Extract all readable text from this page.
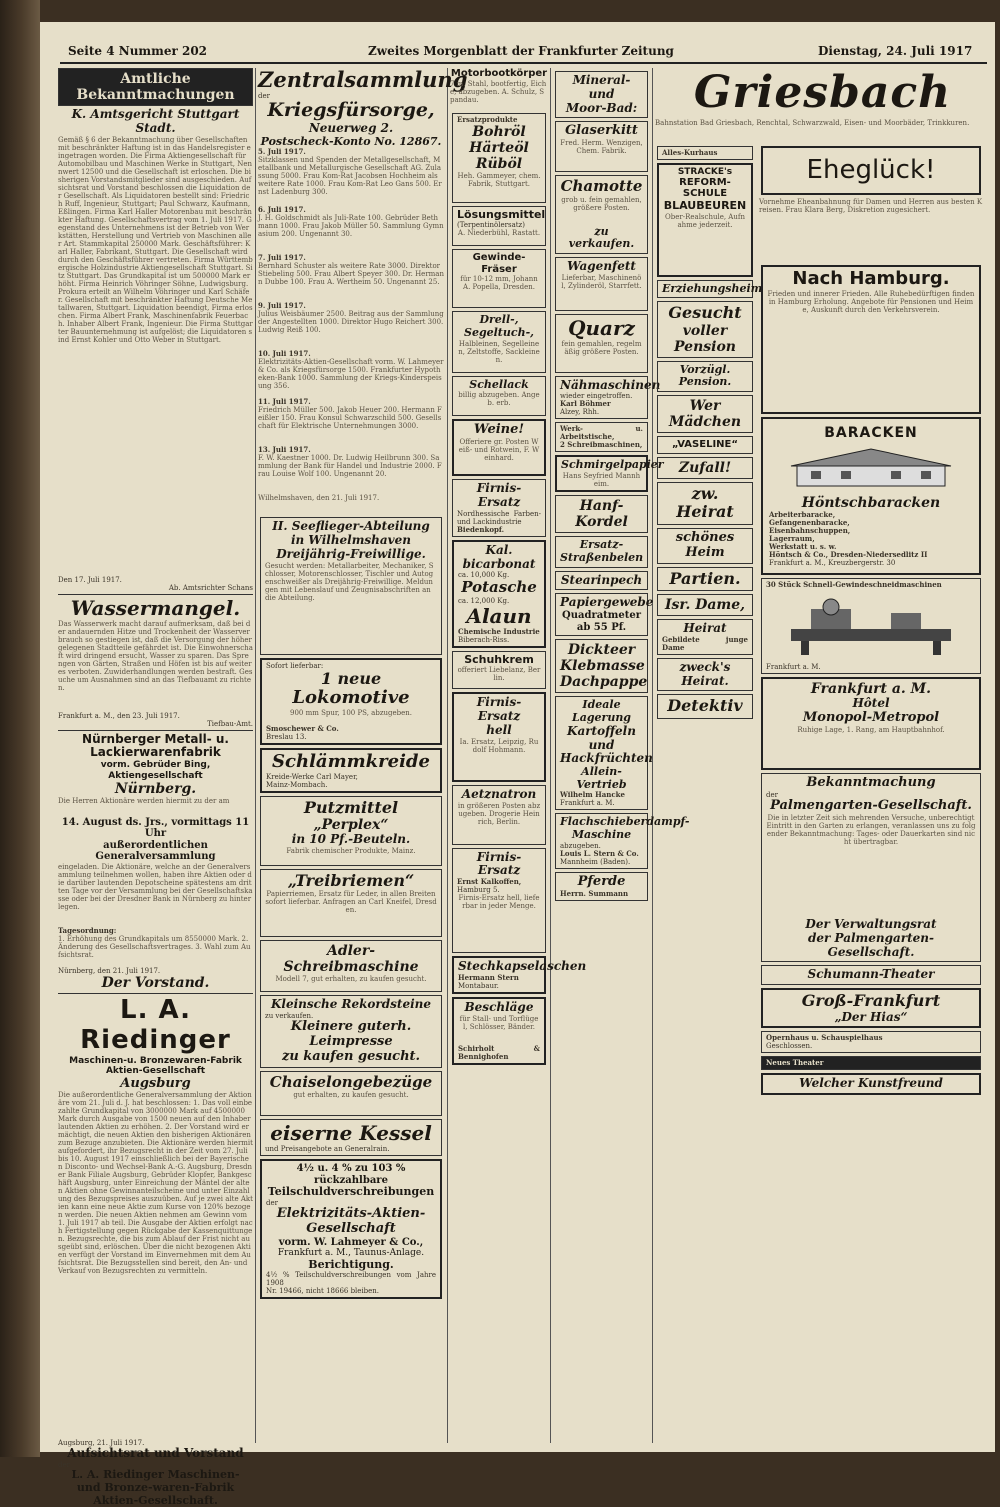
Seite 4 Nummer 202	Zweites Morgenblatt der Frankfurter Zeitung	Dienstag, 24. Juli 1917
Amtliche Bekanntmachungen
K. Amtsgericht Stuttgart Stadt.
Gemäß § 6 der Bekanntmachung über Gesellschaften mit beschränkter Haftung ist in das Handelsregister eingetragen worden. Die Firma Aktiengesellschaft für Automobilbau und Maschinen Werke in Stuttgart, Nennwert 12500 und die Gesellschaft ist erloschen. Die bisherigen Vorstandsmitglieder sind ausgeschieden. Aufsichtsrat und Vorstand beschlossen die Liquidation der Gesellschaft. Als Liquidatoren bestellt sind: Friedrich Ruff, Ingenieur, Stuttgart; Paul Schwarz, Kaufmann, Eßlingen. Firma Karl Haller Motorenbau mit beschränkter Haftung. Gesellschaftsvertrag vom 1. Juli 1917. Gegenstand des Unternehmens ist der Betrieb von Werkstätten, Herstellung und Vertrieb von Maschinen aller Art. Stammkapital 250000 Mark. Geschäftsführer: Karl Haller, Fabrikant, Stuttgart. Die Gesellschaft wird durch den Geschäftsführer vertreten. Firma Württembergische Holzindustrie Aktiengesellschaft Stuttgart. Sitz Stuttgart. Das Grundkapital ist um 500000 Mark erhöht. Firma Heinrich Vöhringer Söhne, Ludwigsburg. Prokura erteilt an Wilhelm Vöhringer und Karl Schäfer. Gesellschaft mit beschränkter Haftung Deutsche Metallwaren, Stuttgart. Liquidation beendigt, Firma erloschen. Firma Albert Frank, Maschinenfabrik Feuerbach. Inhaber Albert Frank, Ingenieur. Die Firma Stuttgarter Bauunternehmung ist aufgelöst; die Liquidatoren sind Ernst Kohler und Otto Weber in Stuttgart.
Den 17. Juli 1917.
Ab. Amtsrichter Schans
Wassermangel.
Das Wasserwerk macht darauf aufmerksam, daß bei der andauernden Hitze und Trockenheit der Wasserverbrauch so gestiegen ist, daß die Versorgung der höher gelegenen Stadtteile gefährdet ist. Die Einwohnerschaft wird dringend ersucht, Wasser zu sparen. Das Sprengen von Gärten, Straßen und Höfen ist bis auf weiteres verboten. Zuwiderhandlungen werden bestraft. Gesuche um Ausnahmen sind an das Tiefbauamt zu richten.
Frankfurt a. M., den 23. Juli 1917.
Tiefbau-Amt.
Nürnberger Metall- u. Lackierwarenfabrik
vorm. Gebrüder Bing, Aktiengesellschaft
Nürnberg.
Die Herren Aktionäre werden hiermit zu der am
14. August ds. Jrs., vormittags 11 Uhr
außerordentlichen Generalversammlung
eingeladen. Die Aktionäre, welche an der Generalversammlung teilnehmen wollen, haben ihre Aktien oder die darüber lautenden Depotscheine spätestens am dritten Tage vor der Versammlung bei der Gesellschaftskasse oder bei der Dresdner Bank in Nürnberg zu hinterlegen.
Tagesordnung:
1. Erhöhung des Grundkapitals um 8550000 Mark. 2. Änderung des Gesellschaftsvertrages. 3. Wahl zum Aufsichtsrat.
Nürnberg, den 21. Juli 1917.
Der Vorstand.
L. A. Riedinger
Maschinen-u. Bronzewaren-Fabrik Aktien-Gesellschaft
Augsburg
Die außerordentliche Generalversammlung der Aktionäre vom 21. Juli d. J. hat beschlossen: 1. Das voll einbezahlte Grundkapital von 3000000 Mark auf 4500000 Mark durch Ausgabe von 1500 neuen auf den Inhaber lautenden Aktien zu erhöhen. 2. Der Vorstand wird ermächtigt, die neuen Aktien den bisherigen Aktionären zum Bezuge anzubieten. Die Aktionäre werden hiermit aufgefordert, ihr Bezugsrecht in der Zeit vom 27. Juli bis 10. August 1917 einschließlich bei der Bayerischen Disconto- und Wechsel-Bank A.-G. Augsburg, Dresdner Bank Filiale Augsburg, Gebrüder Klopfer, Bankgeschäft Augsburg, unter Einreichung der Mäntel der alten Aktien ohne Gewinnanteilscheine und unter Einzahlung des Bezugspreises auszuüben. Auf je zwei alte Aktien kann eine neue Aktie zum Kurse von 120% bezogen werden. Die neuen Aktien nehmen am Gewinn vom 1. Juli 1917 ab teil. Die Ausgabe der Aktien erfolgt nach Fertigstellung gegen Rückgabe der Kassenquittungen. Bezugsrechte, die bis zum Ablauf der Frist nicht ausgeübt sind, erlöschen. Über die nicht bezogenen Aktien verfügt der Vorstand im Einvernehmen mit dem Aufsichtsrat. Die Bezugsstellen sind bereit, den An- und Verkauf von Bezugsrechten zu vermitteln.
Augsburg, 21. Juli 1917.
Aufsichtsrat und Vorstand
der
L. A. Riedinger Maschinen- und Bronze-waren-Fabrik Aktien-Gesellschaft.
Zentralsammlung
der
Kriegsfürsorge,
Neuerweg 2.
Postscheck-Konto No. 12867.
5. Juli 1917.
Sitzklassen und Spenden der Metallgesellschaft, Metallbank und Metallurgische Gesellschaft AG. Zulassung 5000. Frau Kom-Rat Jacobsen Hochheim als weitere Rate 1000. Frau Kom-Rat Leo Gans 500. Ernst Ladenburg 300.
6. Juli 1917.
J. H. Goldschmidt als Juli-Rate 100. Gebrüder Bethmann 1000. Frau Jakob Müller 50. Sammlung Gymnasium 200. Ungenannt 30.
7. Juli 1917.
Bernhard Schuster als weitere Rate 3000. Direktor Stiebeling 500. Frau Albert Speyer 300. Dr. Hermann Dubbe 100. Frau A. Wertheim 50. Ungenannt 25.
9. Juli 1917.
Julius Weisbäumer 2500. Beitrag aus der Sammlung der Angestellten 1000. Direktor Hugo Reichert 300. Ludwig Reiß 100.
10. Juli 1917.
Elektrizitäts-Aktien-Gesellschaft vorm. W. Lahmeyer & Co. als Kriegsfürsorge 1500. Frankfurter Hypotheken-Bank 1000. Sammlung der Kriegs-Kinderspeisung 356.
11. Juli 1917.
Friedrich Müller 500. Jakob Heuer 200. Hermann Feißler 150. Frau Konsul Schwarzschild 500. Gesellschaft für Elektrische Unternehmungen 3000.
13. Juli 1917.
F. W. Kaestner 1000. Dr. Ludwig Heilbrunn 300. Sammlung der Bank für Handel und Industrie 2000. Frau Louise Wolf 100. Ungenannt 20.
Wilhelmshaven, den 21. Juli 1917.
II. Seeflieger-Abteilung
in Wilhelmshaven
Dreijährig-Freiwillige.
Gesucht werden: Metallarbeiter, Mechaniker, Schlosser, Motorenschlosser, Tischler und Autogenschweißer als Dreijährig-Freiwillige. Meldungen mit Lebenslauf und Zeugnisabschriften an die Abteilung.
Sofort lieferbar:
1 neue
Lokomotive
900 mm Spur, 100 PS, abzugeben.
Smoschewer & Co.
Breslau 13.
Schlämmkreide
Kreide-Werke Carl Mayer,
Mainz-Mombach.
Putzmittel
„Perplex“
in 10 Pf.-Beuteln.
Fabrik chemischer Produkte, Mainz.
„Treibriemen“
Papierriemen, Ersatz für Leder, in allen Breiten sofort lieferbar. Anfragen an Carl Kneifel, Dresden.
Adler-
Schreibmaschine
Modell 7, gut erhalten, zu kaufen gesucht.
Kleinsche Rekordsteine
zu verkaufen.
Kleinere guterh.
Leimpresse
zu kaufen gesucht.
Chaiselongebezüge
gut erhalten, zu kaufen gesucht.
eiserne Kessel
und Preisangebote an Generalrain.
4½ u. 4 % zu 103 % rückzahlbare
Teilschuldverschreibungen
der
Elektrizitäts-Aktien-Gesellschaft
vorm. W. Lahmeyer & Co.,
Frankfurt a. M., Taunus-Anlage.
Berichtigung.
4½ % Teilschuldverschreibungen vom Jahre 1908
Nr. 19466, nicht 18666 bleiben.
Motorbootkörper
7 m. Stahl, bootfertig, Eiche, abzugeben. A. Schulz, Spandau.
Ersatzprodukte
Bohröl
Härteöl
Rüböl
Heh. Gammeyer, chem. Fabrik, Stuttgart.
Lösungsmittel
(Terpentinölersatz)
A. Niederbühl, Rastatt.
Gewinde-Fräser
für 10-12 mm, Johann A. Popella, Dresden.
Drell-, Segeltuch-,
Halbleinen, Segelleinen, Zeltstoffe, Sackleinen.
Schellack
billig abzugeben. Angeb. erb.
Weine!
Offeriere gr. Posten Weiß- und Rotwein, F. Weinhard.
Firnis-Ersatz
Nordhessische Farben- und Lackindustrie
Biedenkopf.
Kal. bicarbonat
ca. 10,000 Kg.
Potasche
ca. 12,000 Kg.
Alaun
Chemische Industrie
Biberach-Riss.
Schuhkrem
offeriert Liebelanz, Berlin.
Firnis-Ersatz
hell
Ia. Ersatz, Leipzig, Rudolf Hohmann.
Aetznatron
in größeren Posten abzugeben. Drogerie Heinrich, Berlin.
Firnis-Ersatz
Ernst Kalkoffen,
Hamburg 5.
Firnis-Ersatz hell, lieferbar in jeder Menge.
Stechkapselaschen
Hermann Stern
Montabaur.
Beschläge
für Stall- und Torflügel, Schlösser, Bänder.
Schirholt & Bennighofen
Mineral- und
Moor-Bad:
Glaserkitt
Fred. Herm. Wenzigen, Chem. Fabrik.
Chamotte
grob u. fein gemahlen, größere Posten.
zu verkaufen.
Wagenfett
Lieferbar, Maschinenöl, Zylinderöl, Starrfett.
Quarz
fein gemahlen, regelmäßig größere Posten.
Nähmaschinen
wieder eingetroffen.
Karl Böhmer
Alzey, Rhh.
Werk- u. Arbeitstische,
2 Schreibmaschinen,
Schmirgelpapier
Hans Seyfried Mannheim.
Hanf-Kordel
Ersatz-Straßenbelen
Stearinpech
Papiergewebe
Quadratmeter ab 55 Pf.
Dickteer
Klebmasse
Dachpappe
Ideale Lagerung
Kartoffeln und
Hackfrüchten
Allein-Vertrieb
Wilhelm Hancke
Frankfurt a. M.
Flachschieberdampf-
Maschine
abzugeben.
Louis L. Stern & Co.
Mannheim (Baden).
Pferde
Herrn. Summann
Griesbach
Bahnstation Bad Griesbach, Renchtal, Schwarzwald, Eisen- und Moorbäder, Trinkkuren.
Alles-Kurhaus
STRACKE's
REFORM-SCHULE
BLAUBEUREN
Ober-Realschule, Aufnahme jederzeit.
Erziehungsheim
Gesucht
voller Pension
Vorzügl. Pension.
Wer
Mädchen
„VASELINE“
Zufall!
zw. Heirat
schönes Heim
Partien.
Isr. Dame,
Heirat
Gebildete junge Dame
zweck's Heirat.
Detektiv
Eheglück!
Vornehme Eheanbahnung für Damen und Herren aus besten Kreisen. Frau Klara Berg, Diskretion zugesichert.
Nach Hamburg.
Frieden und innerer Frieden. Alle Ruhebedürftigen finden in Hamburg Erholung. Angebote für Pensionen und Heime, Auskunft durch den Verkehrsverein.
BARACKEN
Höntschbaracken
Arbeiterbaracke,
Gefangenenbaracke,
Eisenbahnschuppen,
Lagerraum,
Werkstatt u. s. w.
Höntsch & Co., Dresden-Niedersedlitz II
Frankfurt a. M., Kreuzbergerstr. 30
30 Stück Schnell-Gewindeschneidmaschinen
Frankfurt a. M.
Frankfurt a. M.
Hôtel
Monopol-Metropol
Ruhige Lage, 1. Rang, am Hauptbahnhof.
Bekanntmachung
der
Palmengarten-Gesellschaft.
Die in letzter Zeit sich mehrenden Versuche, unberechtigt Eintritt in den Garten zu erlangen, veranlassen uns zu folgender Bekanntmachung: Tages- oder Dauerkarten sind nicht übertragbar.
Der Verwaltungsrat
der Palmengarten-Gesellschaft.
Schumann-Theater
Groß-Frankfurt
„Der Hias“
Opernhaus u. Schauspielhaus
Geschlossen.
Neues Theater
Welcher Kunstfreund
